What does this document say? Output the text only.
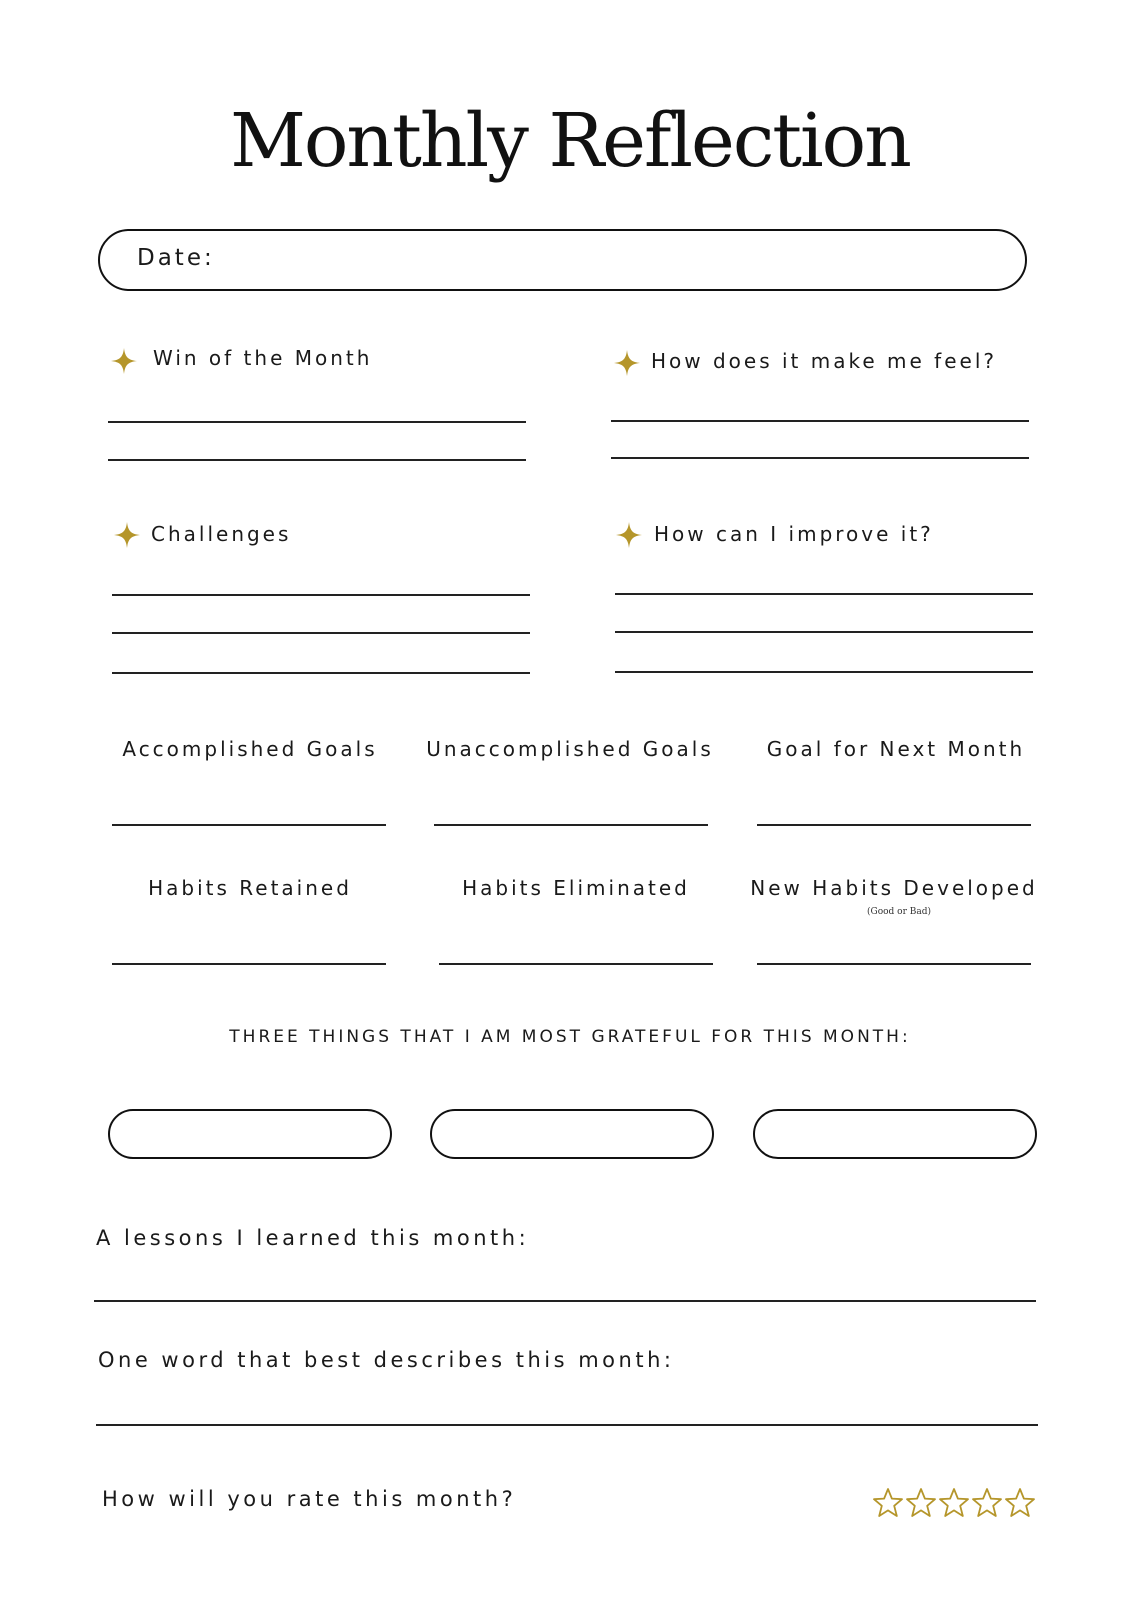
Monthly Reflection
Date:
Win of the Month	How does it make me feel?
Challenges	How can I improve it?
Accomplished Goals	Unaccomplished Goals	Goal for Next Month
Habits Retained	Habits Eliminated	New Habits Developed
(Good or Bad)
THREE THINGS THAT I AM MOST GRATEFUL FOR THIS MONTH:
A lessons I learned this month:
One word that best describes this month:
How will you rate this month?
